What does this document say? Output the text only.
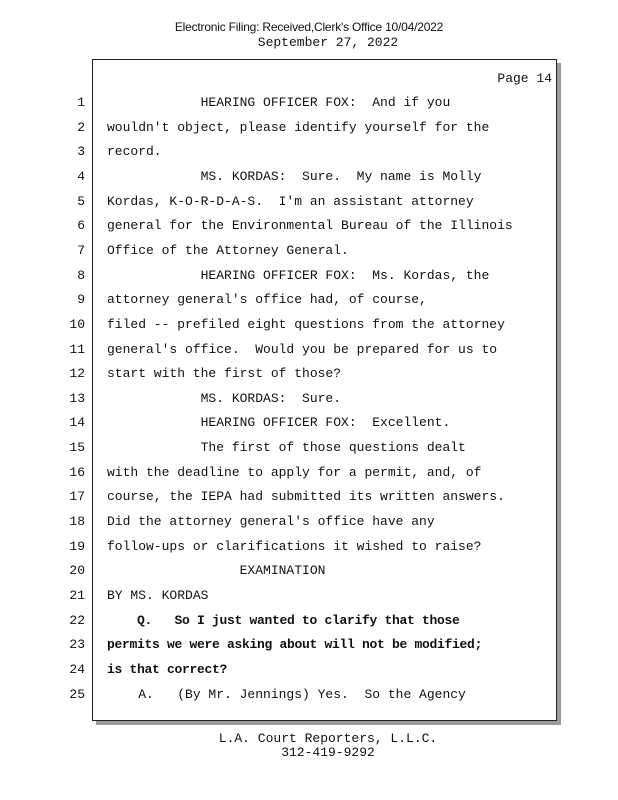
Electronic Filing: Received,Clerk's Office 10/04/2022
September 27, 2022
Page 14
1 HEARING OFFICER FOX:  And if you
2 wouldn't object, please identify yourself for the
3 record.
4 MS. KORDAS:  Sure.  My name is Molly
5 Kordas, K-O-R-D-A-S.  I'm an assistant attorney
6 general for the Environmental Bureau of the Illinois
7 Office of the Attorney General.
8 HEARING OFFICER FOX:  Ms. Kordas, the
9 attorney general's office had, of course,
10 filed -- prefiled eight questions from the attorney
11 general's office.  Would you be prepared for us to
12 start with the first of those?
13 MS. KORDAS:  Sure.
14 HEARING OFFICER FOX:  Excellent.
15 The first of those questions dealt
16 with the deadline to apply for a permit, and, of
17 course, the IEPA had submitted its written answers.
18 Did the attorney general's office have any
19 follow-ups or clarifications it wished to raise?
20 EXAMINATION
21 BY MS. KORDAS
22 Q.   So I just wanted to clarify that those
23 permits we were asking about will not be modified;
24 is that correct?
25 A.   (By Mr. Jennings) Yes.  So the Agency
L.A. Court Reporters, L.L.C.
312-419-9292
